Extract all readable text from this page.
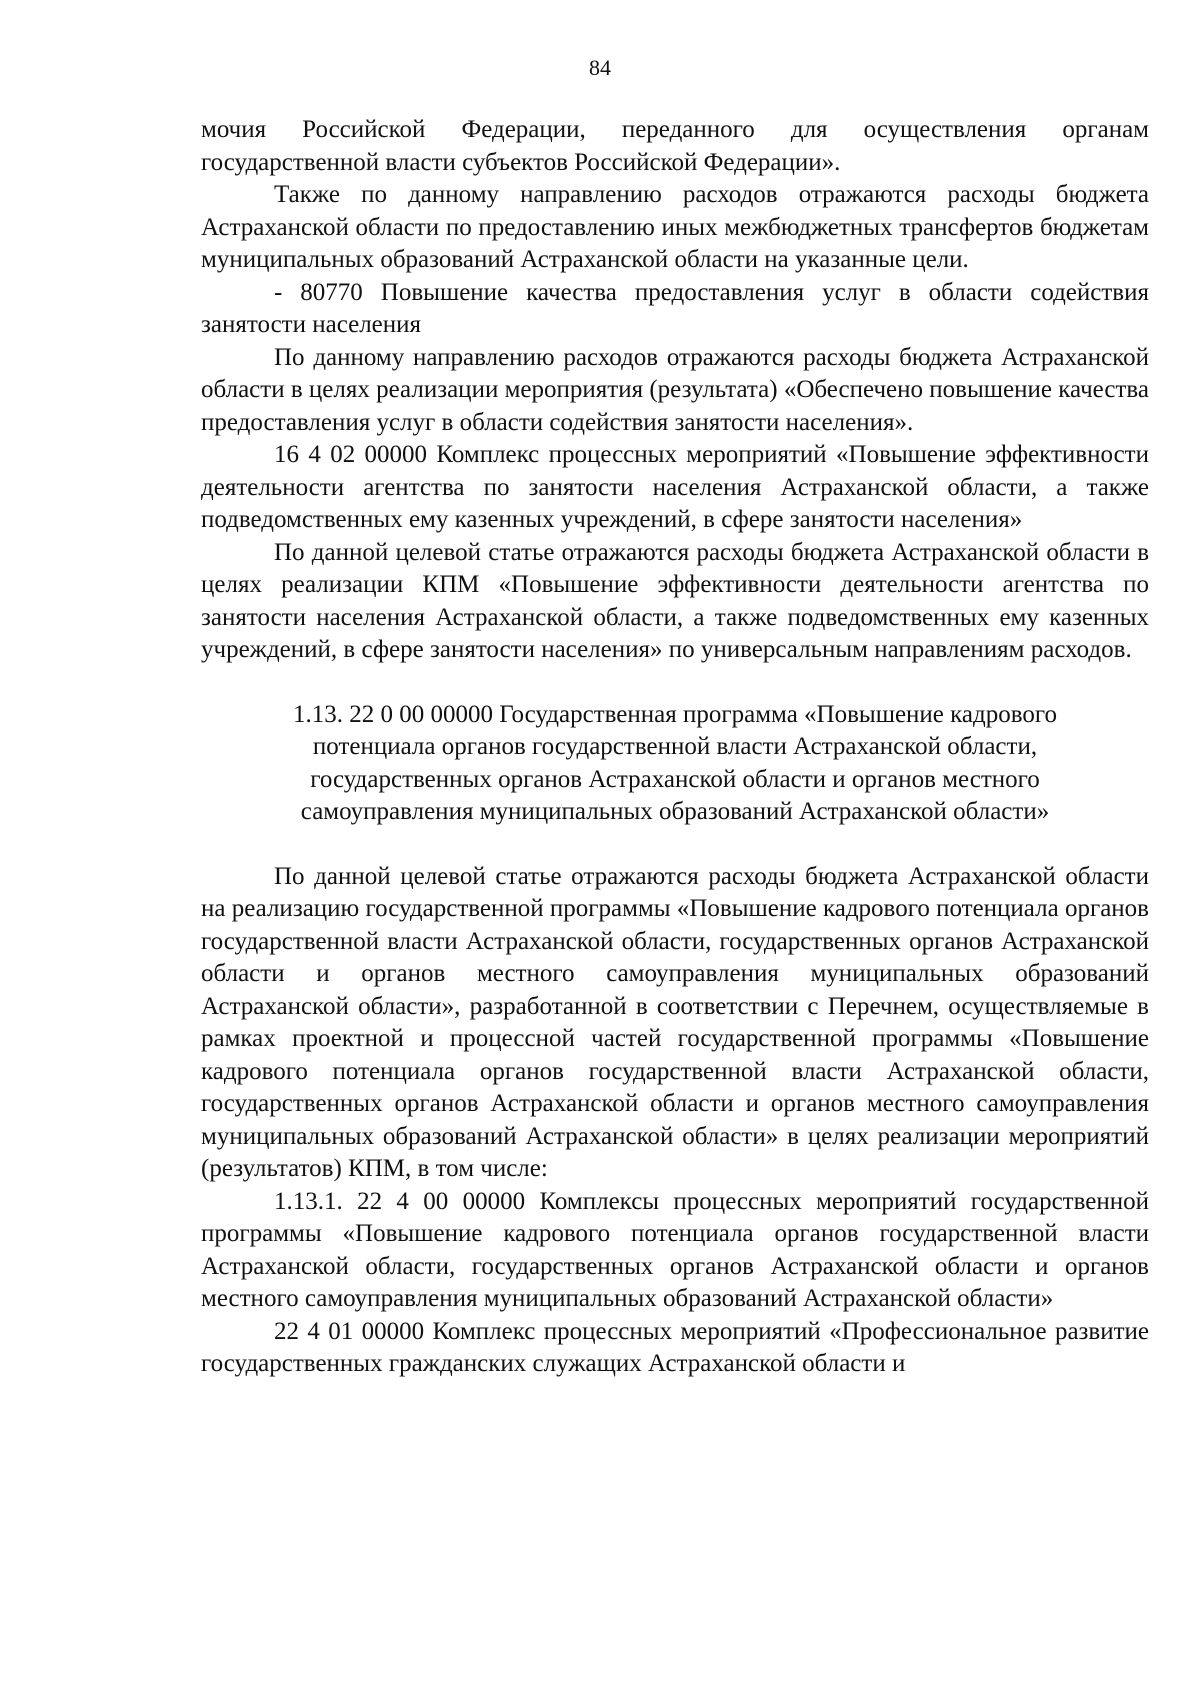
84

мочия Российской Федерации, переданного для осуществления органам государственной власти субъектов Российской Федерации».

Также по данному направлению расходов отражаются расходы бюджета Астраханской области по предоставлению иных межбюджетных трансфертов бюджетам муниципальных образований Астраханской области на указанные цели.

- 80770 Повышение качества предоставления услуг в области содействия занятости населения

По данному направлению расходов отражаются расходы бюджета Астраханской области в целях реализации мероприятия (результата) «Обеспечено повышение качества предоставления услуг в области содействия занятости населения».

16 4 02 00000 Комплекс процессных мероприятий «Повышение эффективности деятельности агентства по занятости населения Астраханской области, а также подведомственных ему казенных учреждений, в сфере занятости населения»

По данной целевой статье отражаются расходы бюджета Астраханской области в целях реализации КПМ «Повышение эффективности деятельности агентства по занятости населения Астраханской области, а также подведомственных ему казенных учреждений, в сфере занятости населения» по универсальным направлениям расходов.

1.13. 22 0 00 00000 Государственная программа «Повышение кадрового потенциала органов государственной власти Астраханской области, государственных органов Астраханской области и органов местного самоуправления муниципальных образований Астраханской области»

По данной целевой статье отражаются расходы бюджета Астраханской области на реализацию государственной программы «Повышение кадрового потенциала органов государственной власти Астраханской области, государственных органов Астраханской области и органов местного самоуправления муниципальных образований Астраханской области», разработанной в соответствии с Перечнем, осуществляемые в рамках проектной и процессной частей государственной программы «Повышение кадрового потенциала органов государственной власти Астраханской области, государственных органов Астраханской области и органов местного самоуправления муниципальных образований Астраханской области» в целях реализации мероприятий (результатов) КПМ, в том числе:

1.13.1. 22 4 00 00000 Комплексы процессных мероприятий государственной программы «Повышение кадрового потенциала органов государственной власти Астраханской области, государственных органов Астраханской области и органов местного самоуправления муниципальных образований Астраханской области»

22 4 01 00000 Комплекс процессных мероприятий «Профессиональное развитие государственных гражданских служащих Астраханской области и
